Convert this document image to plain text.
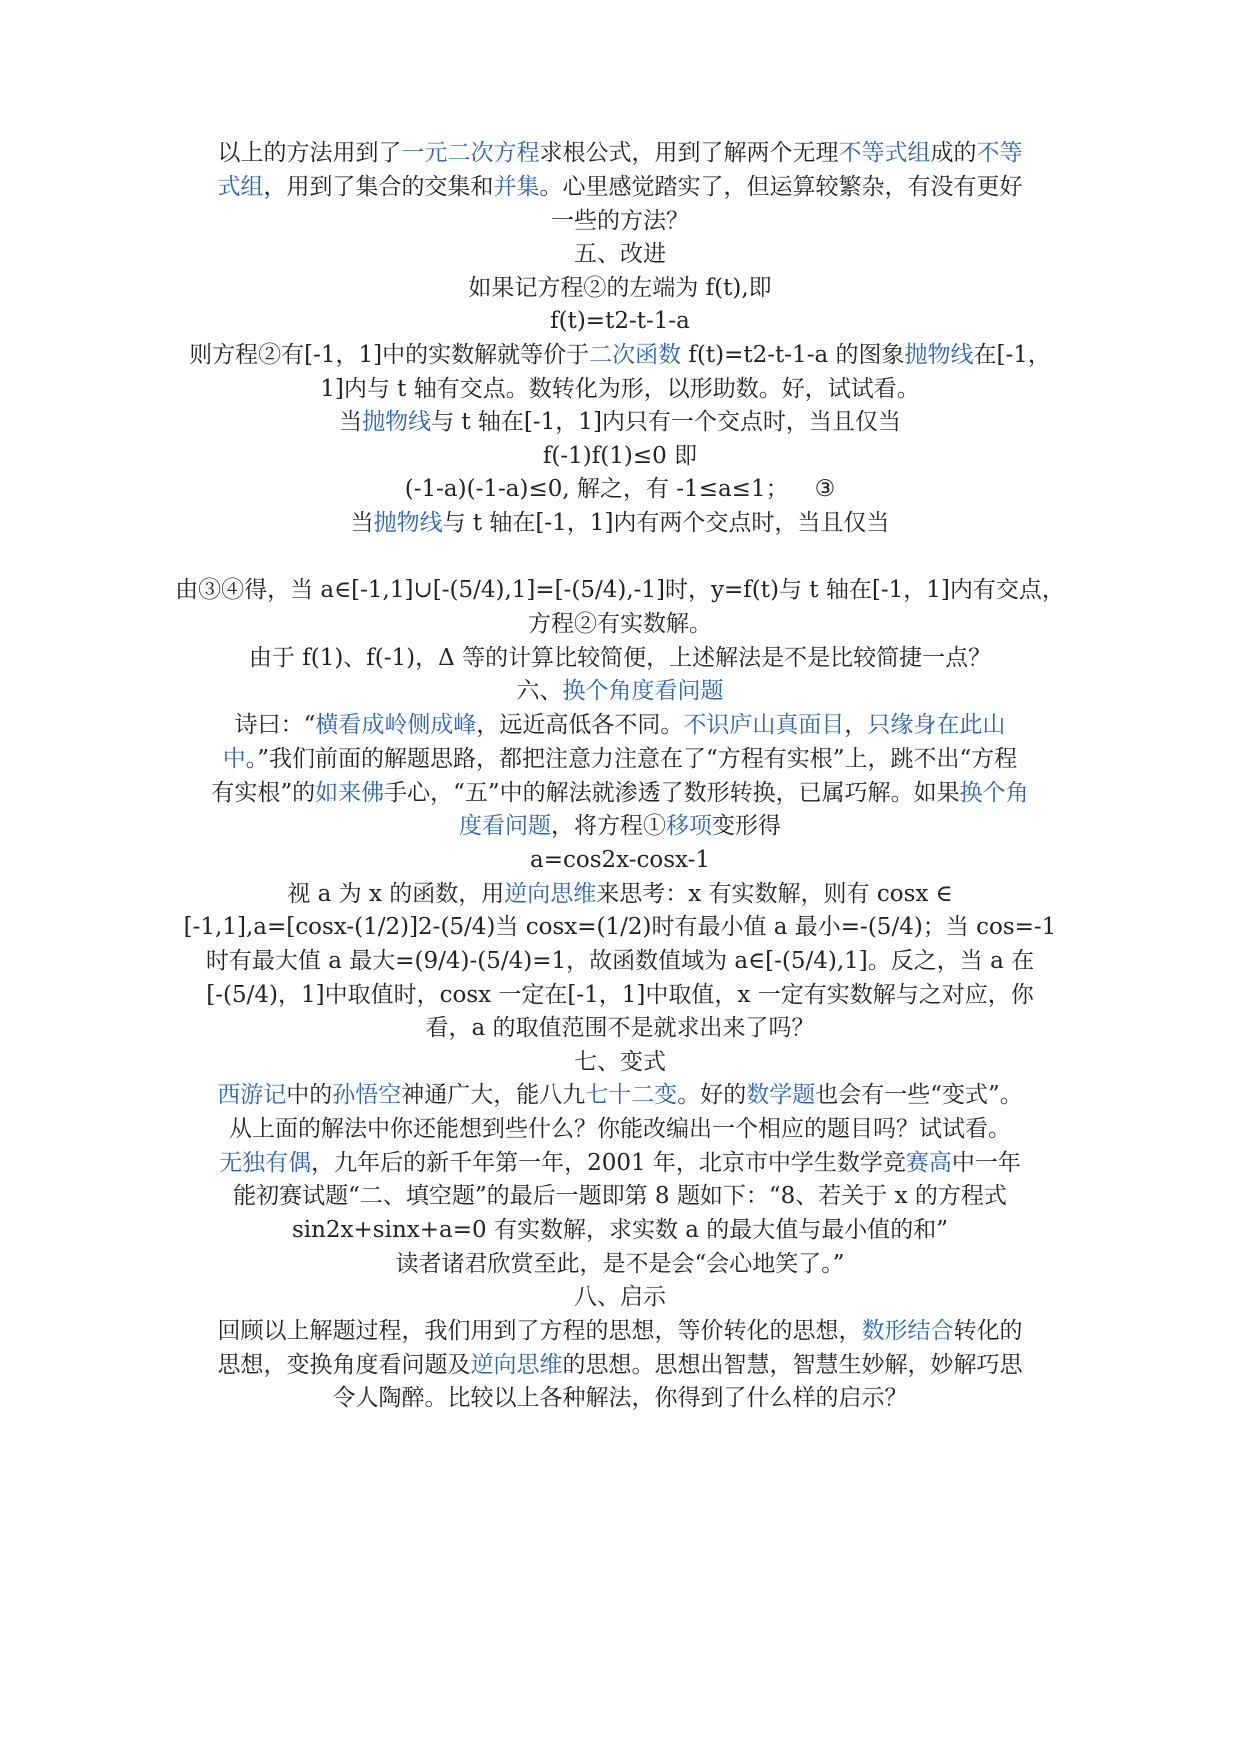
以上的方法用到了一元二次方程求根公式，用到了解两个无理不等式组成的不等

式组，用到了集合的交集和并集。心里感觉踏实了，但运算较繁杂，有没有更好

一些的方法？

五、改进

如果记方程②的左端为 f(t),即

f(t)=t2-t-1-a

则方程②有[-1，1]中的实数解就等价于二次函数 f(t)=t2-t-1-a 的图象抛物线在[-1，

1]内与 t 轴有交点。数转化为形，以形助数。好，试试看。

当抛物线与 t 轴在[-1，1]内只有一个交点时，当且仅当

f(-1)f(1)≤0 即

(-1-a)(-1-a)≤0, 解之，有 -1≤a≤1； ③

当抛物线与 t 轴在[-1，1]内有两个交点时，当且仅当

由③④得，当 a∈[-1,1]∪[-(5/4),1]=[-(5/4),-1]时，y=f(t)与 t 轴在[-1，1]内有交点，

方程②有实数解。

由于 f(1)、f(-1)，Δ 等的计算比较简便，上述解法是不是比较简捷一点？

六、换个角度看问题

诗曰：“横看成岭侧成峰，远近高低各不同。不识庐山真面目，只缘身在此山

中。”我们前面的解题思路，都把注意力注意在了“方程有实根”上，跳不出“方程

有实根”的如来佛手心，“五”中的解法就渗透了数形转换，已属巧解。如果换个角

度看问题，将方程①移项变形得

a=cos2x-cosx-1

视 a 为 x 的函数，用逆向思维来思考：x 有实数解，则有 cosx ∈

[-1,1],a=[cosx-(1/2)]2-(5/4)当 cosx=(1/2)时有最小值 a 最小=-(5/4)；当 cos=-1

时有最大值 a 最大=(9/4)-(5/4)=1，故函数值域为 a∈[-(5/4),1]。反之，当 a 在

[-(5/4)，1]中取值时，cosx 一定在[-1，1]中取值，x 一定有实数解与之对应，你

看，a 的取值范围不是就求出来了吗？

七、变式

西游记中的孙悟空神通广大，能八九七十二变。好的数学题也会有一些“变式”。

从上面的解法中你还能想到些什么？你能改编出一个相应的题目吗？试试看。

无独有偶，九年后的新千年第一年，2001 年，北京市中学生数学竞赛高中一年

能初赛试题“二、填空题”的最后一题即第 8 题如下：“8、若关于 x 的方程式

sin2x+sinx+a=0 有实数解，求实数 a 的最大值与最小值的和”

读者诸君欣赏至此，是不是会“会心地笑了。”

八、启示

回顾以上解题过程，我们用到了方程的思想，等价转化的思想，数形结合转化的

思想，变换角度看问题及逆向思维的思想。思想出智慧，智慧生妙解，妙解巧思

令人陶醉。比较以上各种解法，你得到了什么样的启示？
